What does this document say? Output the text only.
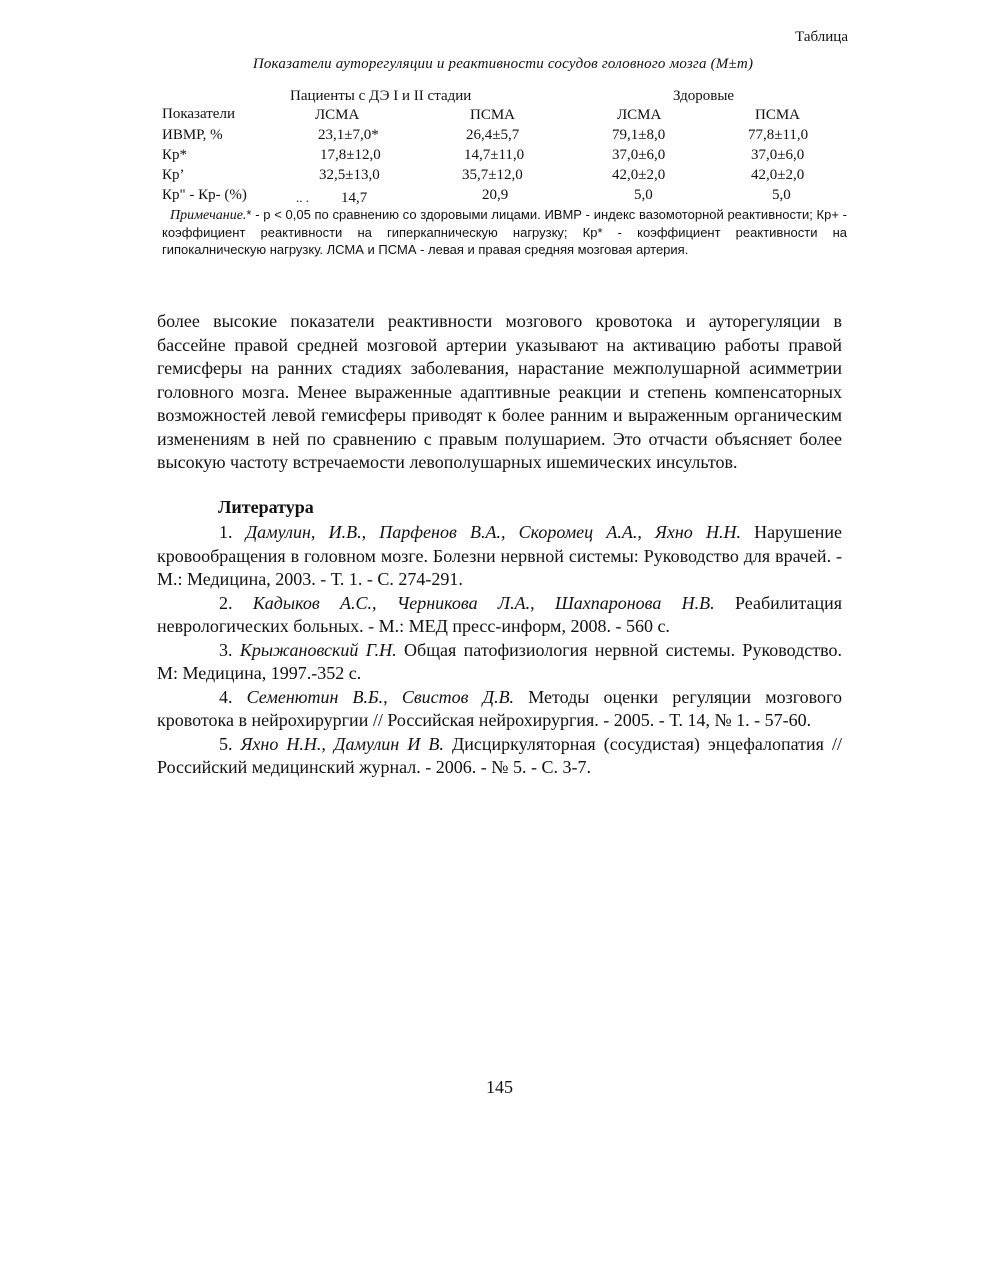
Таблица
Показатели ауторегуляции и реактивности сосудов головного мозга (M±m)
Пациенты с ДЭ I и II стадии	Здоровые
Показатели	ЛСМА	ПСМА	ЛСМА	ПСМА
ИВМР, %	23,1±7,0*	26,4±5,7	79,1±8,0	77,8±11,0
Кр*	17,8±12,0	14,7±11,0	37,0±6,0	37,0±6,0
Кр’	32,5±13,0	35,7±12,0	42,0±2,0	42,0±2,0
Кр" - Кр- (%)	.. . 14,7	20,9	5,0	5,0
Примечание.* - р < 0,05 по сравнению со здоровыми лицами. ИВМР - индекс вазомоторной реактивности; Кр+ - коэффициент реактивности на гиперкапническую нагрузку; Кр* - коэффициент реактивности на гипокалническую нагрузку. ЛСМА и ПСМА - левая и правая средняя мозговая артерия.
более высокие показатели реактивности мозгового кровотока и ауторегуляции в бассейне правой средней мозговой артерии указывают на активацию работы правой гемисферы на ранних стадиях заболевания, нарастание межполушарной асимметрии головного мозга. Менее выраженные адаптивные реакции и степень компенсаторных возможностей левой гемисферы приводят к более ранним и выраженным органическим изменениям в ней по сравнению с правым полушарием. Это отчасти объясняет более высокую частоту встречаемости левополушарных ишемических инсультов.
Литература

1. Дамулин, И.В., Парфенов В.А., Скоромец А.А., Яхно Н.Н. Нарушение кровообращения в головном мозге. Болезни нервной системы: Руководство для врачей. - М.: Медицина, 2003. - Т. 1. - С. 274-291.

2. Кадыков А.С., Черникова Л.А., Шахпаронова Н.В. Реабилитация неврологических больных. - М.: МЕД пресс-информ, 2008. - 560 с.

3. Крыжановский Г.Н. Общая патофизиология нервной системы. Руководство. М: Медицина, 1997.-352 с.

4. Семенютин В.Б., Свистов Д.В. Методы оценки регуляции мозгового кровотока в нейрохирургии // Российская нейрохирургия. - 2005. - Т. 14, № 1. - 57-60.

5. Яхно Н.Н., Дамулин И В. Дисциркуляторная (сосудистая) энцефалопатия // Российский медицинский журнал. - 2006. - № 5. - С. 3-7.

145
